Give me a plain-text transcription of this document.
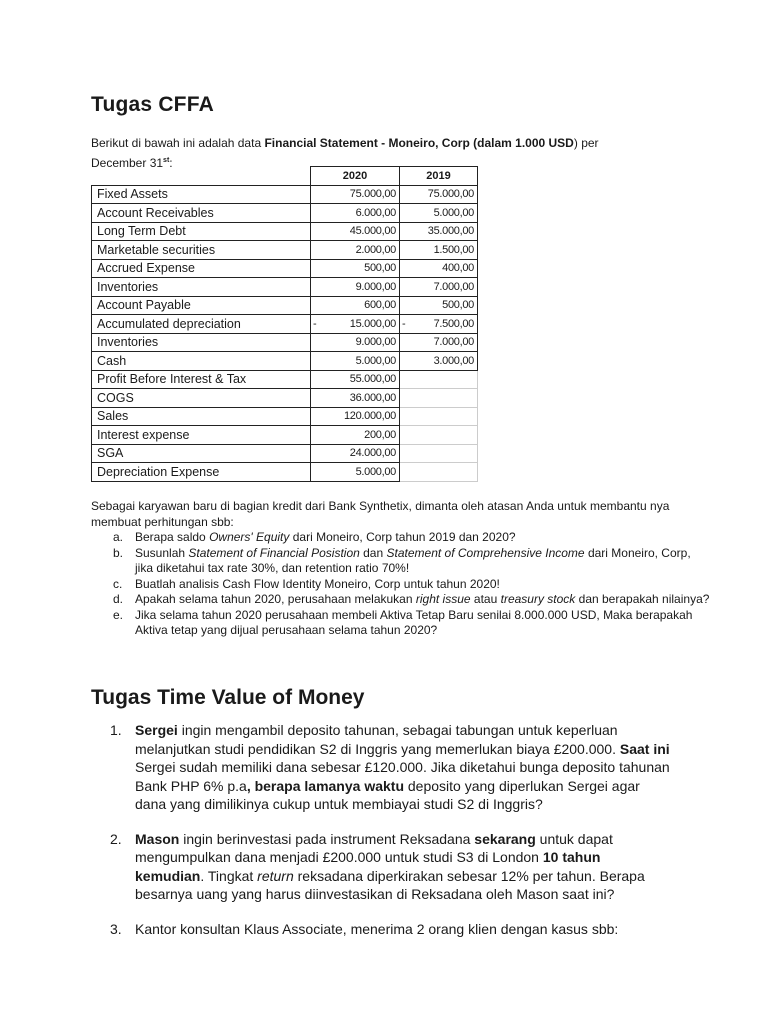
Tugas CFFA
Berikut di bawah ini adalah data Financial Statement - Moneiro, Corp (dalam 1.000 USD) per December 31st:
	2020	2019
Fixed Assets	75.000,00	75.000,00
Account Receivables	6.000,00	5.000,00
Long Term Debt	45.000,00	35.000,00
Marketable securities	2.000,00	1.500,00
Accrued Expense	500,00	400,00
Inventories	9.000,00	7.000,00
Account Payable	600,00	500,00
Accumulated depreciation	- 15.000,00	- 7.500,00
Inventories	9.000,00	7.000,00
Cash	5.000,00	3.000,00
Profit Before Interest & Tax	55.000,00	
COGS	36.000,00	
Sales	120.000,00	
Interest expense	200,00	
SGA	24.000,00	
Depreciation Expense	5.000,00	
Sebagai karyawan baru di bagian kredit dari Bank Synthetix, dimanta oleh atasan Anda untuk membantu nya membuat perhitungan sbb:
a. Berapa saldo Owners' Equity dari Moneiro, Corp tahun 2019 dan 2020?
b. Susunlah Statement of Financial Posistion dan Statement of Comprehensive Income dari Moneiro, Corp, jika diketahui tax rate 30%, dan retention ratio 70%!
c. Buatlah analisis Cash Flow Identity Moneiro, Corp untuk tahun 2020!
d. Apakah selama tahun 2020, perusahaan melakukan right issue atau treasury stock dan berapakah nilainya?
e. Jika selama tahun 2020 perusahaan membeli Aktiva Tetap Baru senilai 8.000.000 USD, Maka berapakah Aktiva tetap yang dijual perusahaan selama tahun 2020?
Tugas Time Value of Money
1. Sergei ingin mengambil deposito tahunan, sebagai tabungan untuk keperluan melanjutkan studi pendidikan S2 di Inggris yang memerlukan biaya £200.000. Saat ini Sergei sudah memiliki dana sebesar £120.000. Jika diketahui bunga deposito tahunan Bank PHP 6% p.a, berapa lamanya waktu deposito yang diperlukan Sergei agar dana yang dimilikinya cukup untuk membiayai studi S2 di Inggris?
2. Mason ingin berinvestasi pada instrument Reksadana sekarang untuk dapat mengumpulkan dana menjadi £200.000 untuk studi S3 di London 10 tahun kemudian. Tingkat return reksadana diperkirakan sebesar 12% per tahun. Berapa besarnya uang yang harus diinvestasikan di Reksadana oleh Mason saat ini?
3. Kantor konsultan Klaus Associate, menerima 2 orang klien dengan kasus sbb:
